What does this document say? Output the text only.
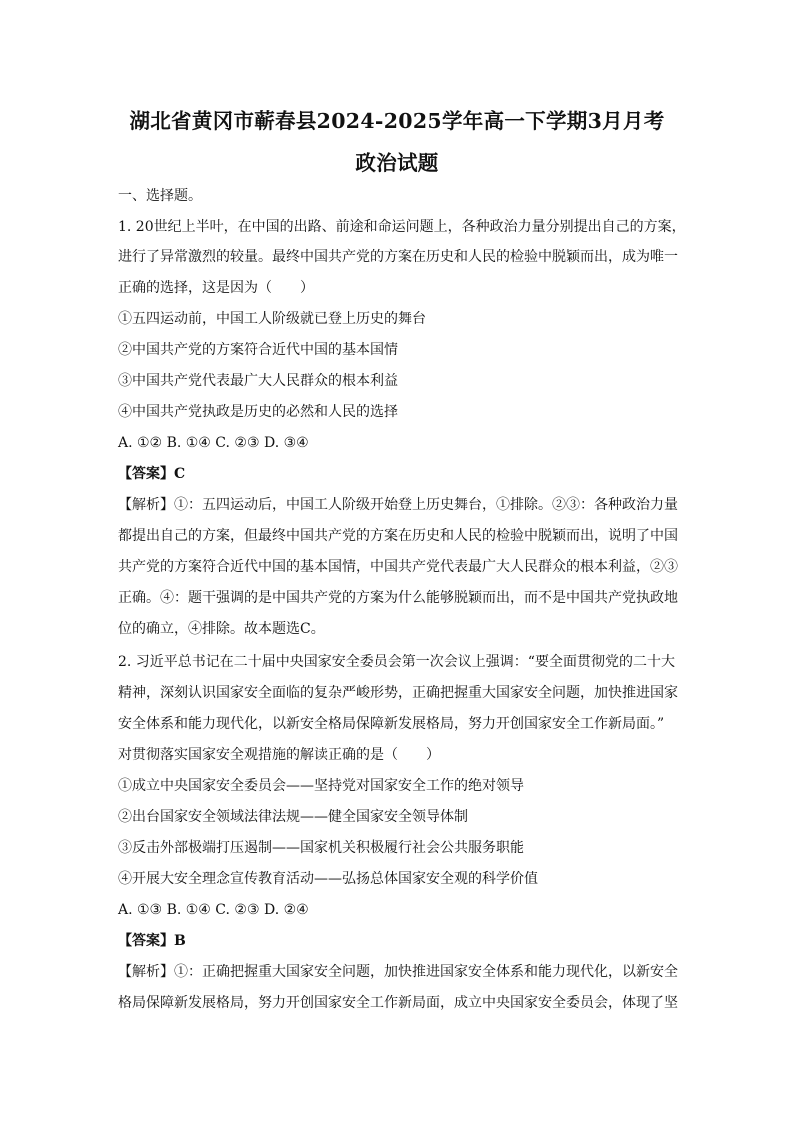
湖北省黄冈市蕲春县2024-2025学年高一下学期3月月考
政治试题
一、选择题。
1. 20世纪上半叶，在中国的出路、前途和命运问题上，各种政治力量分别提出自己的方案，
进行了异常激烈的较量。最终中国共产党的方案在历史和人民的检验中脱颖而出，成为唯一
正确的选择，这是因为（　　）
①五四运动前，中国工人阶级就已登上历史的舞台
②中国共产党的方案符合近代中国的基本国情
③中国共产党代表最广大人民群众的根本利益
④中国共产党执政是历史的必然和人民的选择
A. ①② B. ①④ C. ②③ D. ③④
【答案】C
【解析】①：五四运动后，中国工人阶级开始登上历史舞台，①排除。②③：各种政治力量
都提出自己的方案，但最终中国共产党的方案在历史和人民的检验中脱颖而出，说明了中国
共产党的方案符合近代中国的基本国情，中国共产党代表最广大人民群众的根本利益，②③
正确。④：题干强调的是中国共产党的方案为什么能够脱颖而出，而不是中国共产党执政地
位的确立，④排除。故本题选C。
2. 习近平总书记在二十届中央国家安全委员会第一次会议上强调：“要全面贯彻党的二十大
精神，深刻认识国家安全面临的复杂严峻形势，正确把握重大国家安全问题，加快推进国家
安全体系和能力现代化，以新安全格局保障新发展格局，努力开创国家安全工作新局面。”
对贯彻落实国家安全观措施的解读正确的是（　　）
①成立中央国家安全委员会——坚持党对国家安全工作的绝对领导
②出台国家安全领域法律法规——健全国家安全领导体制
③反击外部极端打压遏制——国家机关积极履行社会公共服务职能
④开展大安全理念宣传教育活动——弘扬总体国家安全观的科学价值
A. ①③ B. ①④ C. ②③ D. ②④
【答案】B
【解析】①：正确把握重大国家安全问题，加快推进国家安全体系和能力现代化，以新安全
格局保障新发展格局，努力开创国家安全工作新局面，成立中央国家安全委员会，体现了坚
